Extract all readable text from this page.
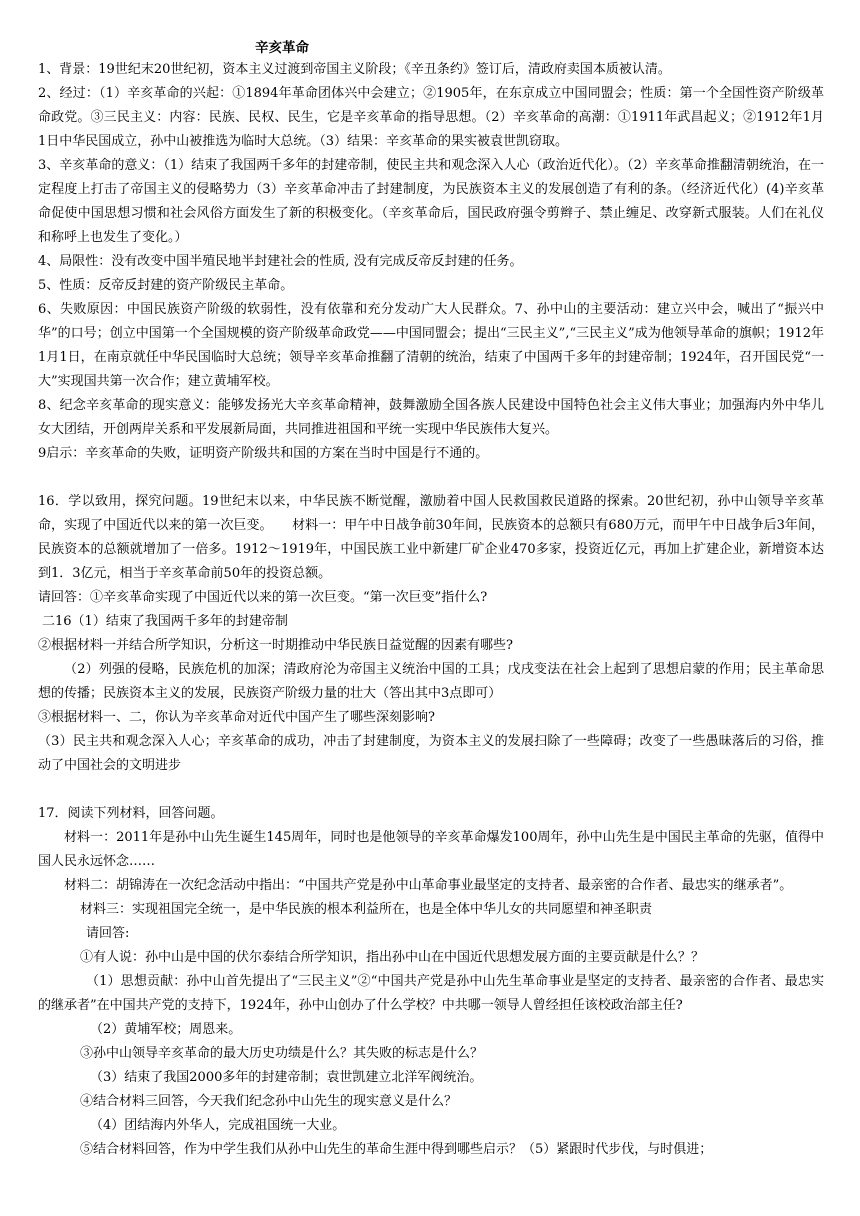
辛亥革命

1、背景：19世纪末20世纪初，资本主义过渡到帝国主义阶段；《辛丑条约》签订后，清政府卖国本质被认清。

2、经过：（1）辛亥革命的兴起：①1894年革命团体兴中会建立；②1905年，在东京成立中国同盟会；性质：第一个全国性资产阶级革命政党。③三民主义：内容：民族、民权、民生，它是辛亥革命的指导思想。（2）辛亥革命的高潮：①1911年武昌起义；②1912年1月1日中华民国成立，孙中山被推选为临时大总统。（3）结果：辛亥革命的果实被袁世凯窃取。

3、辛亥革命的意义：（1）结束了我国两千多年的封建帝制，使民主共和观念深入人心（政治近代化）。（2）辛亥革命推翻清朝统治，在一定程度上打击了帝国主义的侵略势力（3）辛亥革命冲击了封建制度，为民族资本主义的发展创造了有利的条。（经济近代化）(4)辛亥革命促使中国思想习惯和社会风俗方面发生了新的积极变化。（辛亥革命后，国民政府强令剪辫子、禁止缠足、改穿新式服装。人们在礼仪和称呼上也发生了变化。）

4、局限性：没有改变中国半殖民地半封建社会的性质, 没有完成反帝反封建的任务。

5、性质：反帝反封建的资产阶级民主革命。

6、失败原因：中国民族资产阶级的软弱性，没有依靠和充分发动广大人民群众。7、孙中山的主要活动：建立兴中会，喊出了“振兴中华”的口号；创立中国第一个全国规模的资产阶级革命政党——中国同盟会；提出“三民主义”,“三民主义”成为他领导革命的旗帜；1912年1月1日，在南京就任中华民国临时大总统；领导辛亥革命推翻了清朝的统治，结束了中国两千多年的封建帝制；1924年，召开国民党“一大”实现国共第一次合作；建立黄埔军校。

8、纪念辛亥革命的现实意义：能够发扬光大辛亥革命精神，鼓舞激励全国各族人民建设中国特色社会主义伟大事业；加强海内外中华儿女大团结，开创两岸关系和平发展新局面，共同推进祖国和平统一实现中华民族伟大复兴。

9启示：辛亥革命的失败，证明资产阶级共和国的方案在当时中国是行不通的。

16．学以致用，探究问题。19世纪末以来，中华民族不断觉醒，激励着中国人民救国救民道路的探索。20世纪初，孙中山领导辛亥革命，实现了中国近代以来的第一次巨变。　　材料一：甲午中日战争前30年间，民族资本的总额只有680万元，而甲午中日战争后3年间，民族资本的总额就增加了一倍多。1912～1919年，中国民族工业中新建厂矿企业470多家，投资近亿元，再加上扩建企业，新增资本达到1．3亿元，相当于辛亥革命前50年的投资总额。

请回答：①辛亥革命实现了中国近代以来的第一次巨变。“第一次巨变”指什么?

二16（1）结束了我国两千多年的封建帝制

②根据材料一并结合所学知识，分析这一时期推动中华民族日益觉醒的因素有哪些?

（2）列强的侵略，民族危机的加深；清政府沦为帝国主义统治中国的工具；戊戌变法在社会上起到了思想启蒙的作用；民主革命思想的传播；民族资本主义的发展，民族资产阶级力量的壮大（答出其中3点即可）

③根据材料一、二，你认为辛亥革命对近代中国产生了哪些深刻影响?

（3）民主共和观念深入人心；辛亥革命的成功，冲击了封建制度，为资本主义的发展扫除了一些障碍；改变了一些愚昧落后的习俗，推动了中国社会的文明进步

17．阅读下列材料，回答问题。

材料一：2011年是孙中山先生诞生145周年，同时也是他领导的辛亥革命爆发100周年，孙中山先生是中国民主革命的先驱，值得中国人民永远怀念……

材料二：胡锦涛在一次纪念活动中指出：“中国共产党是孙中山革命事业最坚定的支持者、最亲密的合作者、最忠实的继承者”。

材料三：实现祖国完全统一，是中华民族的根本利益所在，也是全体中华儿女的共同愿望和神圣职责

请回答:

①有人说：孙中山是中国的伏尔泰结合所学知识，指出孙中山在中国近代思想发展方面的主要贡献是什么？？

（1）思想贡献：孙中山首先提出了“三民主义”②“中国共产党是孙中山先生革命事业是坚定的支持者、最亲密的合作者、最忠实的继承者”在中国共产党的支持下，1924年，孙中山创办了什么学校？中共哪一领导人曾经担任该校政治部主任?

（2）黄埔军校；周恩来。

③孙中山领导辛亥革命的最大历史功绩是什么？其失败的标志是什么？

（3）结束了我国2000多年的封建帝制；袁世凯建立北洋军阀统治。

④结合材料三回答，今天我们纪念孙中山先生的现实意义是什么？

（4）团结海内外华人，完成祖国统一大业。

⑤结合材料回答，作为中学生我们从孙中山先生的革命生涯中得到哪些启示？（5）紧跟时代步伐，与时俱进；
